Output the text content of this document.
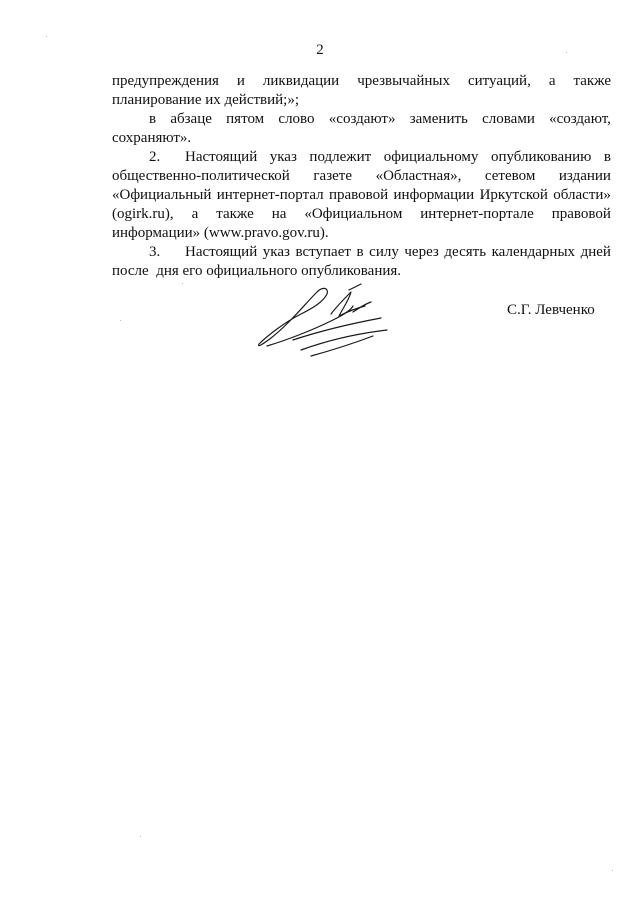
2
предупреждения и ликвидации чрезвычайных ситуаций, а также
планирование их действий;»;
в абзаце пятом слово «создают» заменить словами «создают,
сохраняют».
2. Настоящий указ подлежит официальному опубликованию в
общественно-политической газете «Областная», сетевом издании
«Официальный интернет-портал правовой информации Иркутской области»
(ogirk.ru), а также на «Официальном интернет-портале правовой
информации» (www.pravo.gov.ru).
3. Настоящий указ вступает в силу через десять календарных дней
после  дня его официального опубликования.
С.Г. Левченко
